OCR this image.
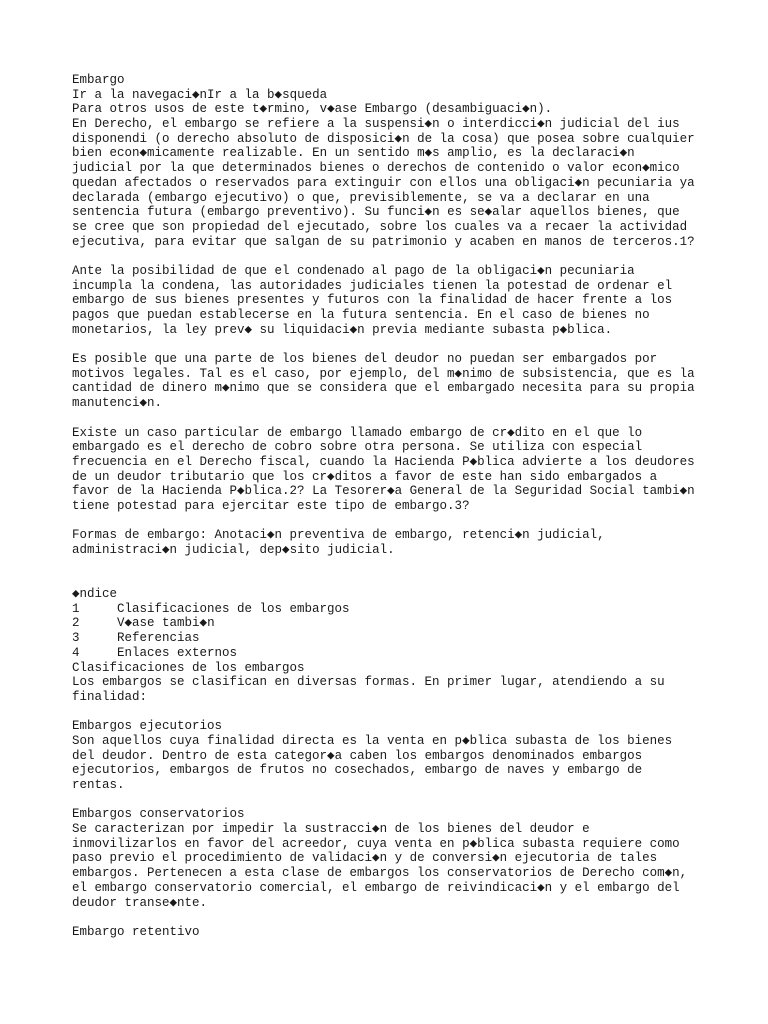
Embargo
Ir a la navegaci◆nIr a la b◆squeda
Para otros usos de este t◆rmino, v◆ase Embargo (desambiguaci◆n).
En Derecho, el embargo se refiere a la suspensi◆n o interdicci◆n judicial del ius
disponendi (o derecho absoluto de disposici◆n de la cosa) que posea sobre cualquier
bien econ◆micamente realizable. En un sentido m◆s amplio, es la declaraci◆n
judicial por la que determinados bienes o derechos de contenido o valor econ◆mico
quedan afectados o reservados para extinguir con ellos una obligaci◆n pecuniaria ya
declarada (embargo ejecutivo) o que, previsiblemente, se va a declarar en una
sentencia futura (embargo preventivo). Su funci◆n es se◆alar aquellos bienes, que
se cree que son propiedad del ejecutado, sobre los cuales va a recaer la actividad
ejecutiva, para evitar que salgan de su patrimonio y acaben en manos de terceros.1?
Ante la posibilidad de que el condenado al pago de la obligaci◆n pecuniaria
incumpla la condena, las autoridades judiciales tienen la potestad de ordenar el
embargo de sus bienes presentes y futuros con la finalidad de hacer frente a los
pagos que puedan establecerse en la futura sentencia. En el caso de bienes no
monetarios, la ley prev◆ su liquidaci◆n previa mediante subasta p◆blica.
Es posible que una parte de los bienes del deudor no puedan ser embargados por
motivos legales. Tal es el caso, por ejemplo, del m◆nimo de subsistencia, que es la
cantidad de dinero m◆nimo que se considera que el embargado necesita para su propia
manutenci◆n.
Existe un caso particular de embargo llamado embargo de cr◆dito en el que lo
embargado es el derecho de cobro sobre otra persona. Se utiliza con especial
frecuencia en el Derecho fiscal, cuando la Hacienda P◆blica advierte a los deudores
de un deudor tributario que los cr◆ditos a favor de este han sido embargados a
favor de la Hacienda P◆blica.2? La Tesorer◆a General de la Seguridad Social tambi◆n
tiene potestad para ejercitar este tipo de embargo.3?
Formas de embargo: Anotaci◆n preventiva de embargo, retenci◆n judicial,
administraci◆n judicial, dep◆sito judicial.
◆ndice
1     Clasificaciones de los embargos
2     V◆ase tambi◆n
3     Referencias
4     Enlaces externos
Clasificaciones de los embargos
Los embargos se clasifican en diversas formas. En primer lugar, atendiendo a su
finalidad:
Embargos ejecutorios
Son aquellos cuya finalidad directa es la venta en p◆blica subasta de los bienes
del deudor. Dentro de esta categor◆a caben los embargos denominados embargos
ejecutorios, embargos de frutos no cosechados, embargo de naves y embargo de
rentas.
Embargos conservatorios
Se caracterizan por impedir la sustracci◆n de los bienes del deudor e
inmovilizarlos en favor del acreedor, cuya venta en p◆blica subasta requiere como
paso previo el procedimiento de validaci◆n y de conversi◆n ejecutoria de tales
embargos. Pertenecen a esta clase de embargos los conservatorios de Derecho com◆n,
el embargo conservatorio comercial, el embargo de reivindicaci◆n y el embargo del
deudor transe◆nte.
Embargo retentivo
